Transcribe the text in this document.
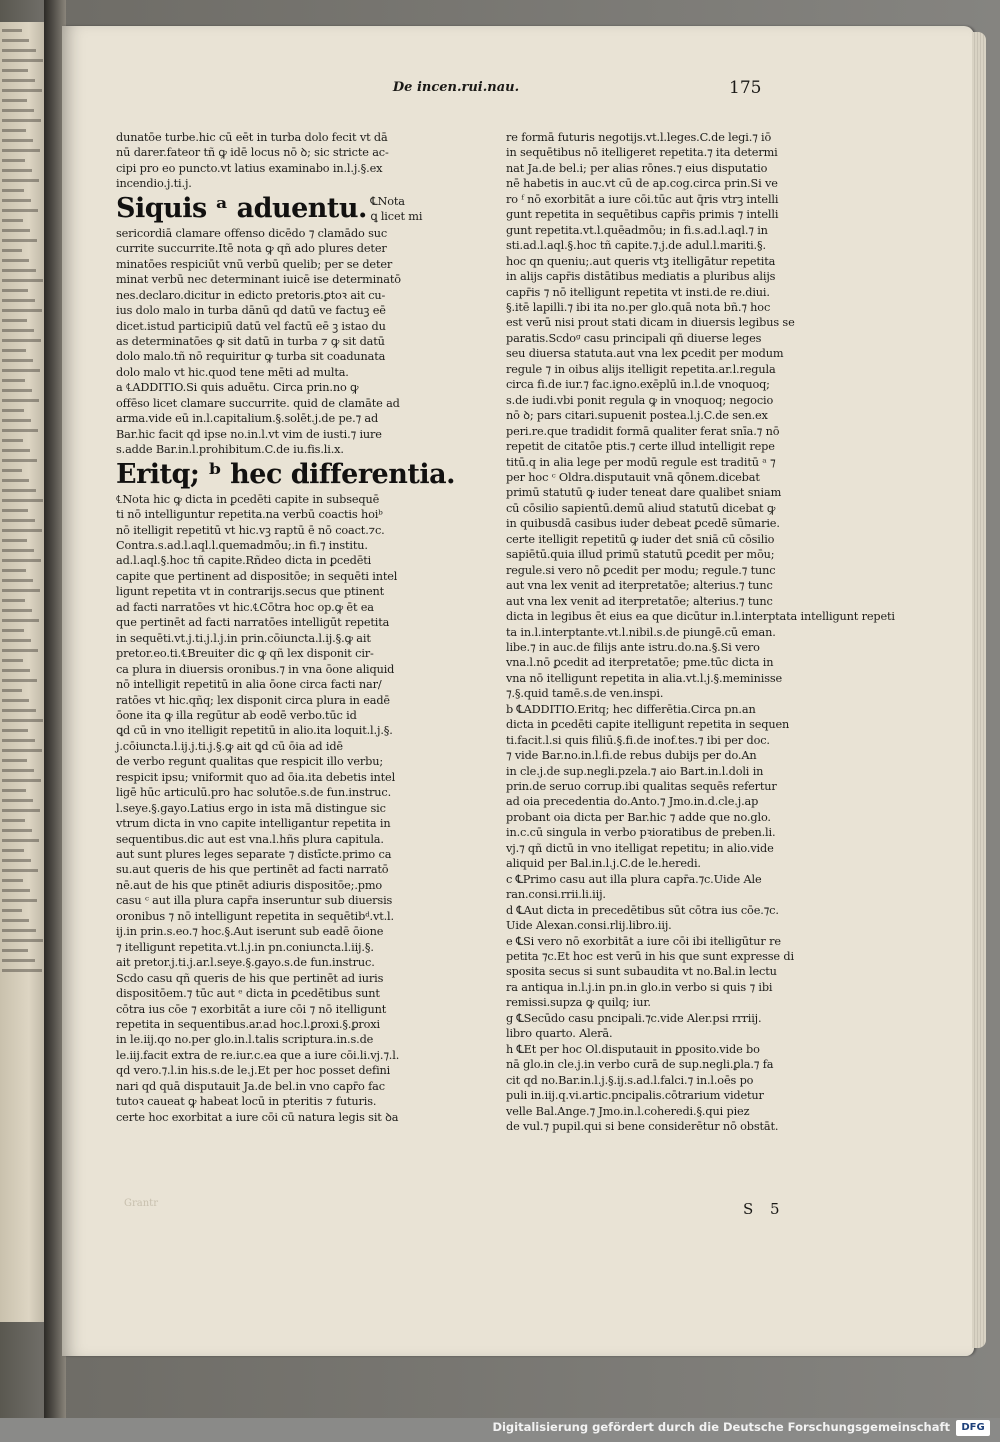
De incen.rui.nau.	175

dunatōe turbe.hic cū eēt in turba dolo fecit vt dā

nū darer.fateor tñ ꝙ idē locus nō ꝺ; sic stricte ac-

cipi pro eo puncto.vt latius examinabo in.l.j.§.ex

incendio.j.ti.j.

Siquis ᵃ aduentu. ℄Nota
ꝗ licet mi

sericordiā clamare offenso dicēdo ⁊ clamādo suc

currite succurrite.Itē nota ꝙ qñ ado plures deter

minatōes respiciūt vnū verbū quelib; per se deter

minat verbū nec determinant iuicē ise determinatō

nes.declaro.dicitur in edicto pretoris.ꝑtoꝛ ait cu-

ius dolo malo in turba dānū qd datū ve factuꝫ eē

dicet.istud participiū datū vel factū eē ꝫ istao du

as determinatōes ꝙ sit datū in turba ⁊ ꝙ sit datū

dolo malo.tñ nō requiritur ꝙ turba sit coadunata

dolo malo vt hic.quod tene mēti ad multa.

a ℄ADDITIO.Si quis aduētu. Circa prin.no ꝙ

offēso licet clamare succurrite. quid de clamāte ad

arma.vide eū in.l.capitalium.§.solēt.j.de pe.⁊ ad

Bar.hic facit qd ipse no.in.l.vt vim de iusti.⁊ iure

s.adde Bar.in.l.prohibitum.C.de iu.fis.li.x.

Eritq; ᵇ hec differentia.

℄Nota hic ꝙ dicta in ꝑcedēti capite in subsequē

ti nō intelliguntur repetita.na verbū coactis hoiᵇ

nō itelligit repetitū vt hic.vꝫ raptū ē nō coact.⁊c.

Contra.s.ad.l.aql.l.quemadmōu;.in fi.⁊ institu.

ad.l.aql.§.hoc tñ capite.Rñdeo dicta in ꝑcedēti

capite que pertinent ad dispositōe; in sequēti intel

ligunt repetita vt in contrarijs.secus que ptinent

ad facti narratōes vt hic.℄Cōtra hoc op.ꝙ ēt ea

que pertinēt ad facti narratōes intelligūt repetita

in sequēti.vt.j.ti.j.l.j.in prin.cōiuncta.l.ij.§.ꝙ ait

pretor.eo.ti.℄Breuiter dic ꝙ qñ lex disponit cir-

ca plura in diuersis oronibus.⁊ in vna ōone aliquid

nō intelligit repetitū in alia ōone circa facti nar/

ratōes vt hic.qñq; lex disponit circa plura in eadē

ōone ita ꝙ illa regūtur ab eodē verbo.tūc id

ꝗd cū in vno itelligit repetitū in alio.ita loquit.l.j.§.

j.cōiuncta.l.ij.j.ti.j.§.ꝙ ait ꝗd cū ōia ad idē

de verbo regunt qualitas que respicit illo verbu;

respicit ipsu; vniformit quo ad ōia.ita debetis intel

ligē hūc articulū.pro hac solutōe.s.de fun.instruc.

l.seye.§.gayo.Latius ergo in ista mā distingue sic

vtrum dicta in vno capite intelligantur repetita in

sequentibus.dic aut est vna.l.hñs plura capitula.

aut sunt plures leges separate ⁊ distīcte.primo ca

su.aut queris de his que pertinēt ad facti narratō

nē.aut de his que ptinēt adiuris dispositōe;.pmo

casu ᶜ aut illa plura capr̄a inseruntur sub diuersis

oronibus ⁊ nō intelligunt repetita in sequētibᵈ.vt.l.

ij.in prin.s.eo.⁊ hoc.§.Aut iserunt sub eadē ōione

⁊ itelligunt repetita.vt.l.j.in pn.coniuncta.l.iij.§.

ait pretor.j.ti.j.ar.l.seye.§.gayo.s.de fun.instruc.

Scdo casu qñ queris de his que pertinēt ad iuris

dispositōem.⁊ tūc aut ᵉ dicta in ꝑcedētibus sunt

cōtra ius cōe ⁊ exorbitāt a iure cōi ⁊ nō itelligunt

repetita in sequentibus.ar.ad hoc.l.ꝑroxi.§.ꝑroxi

in le.iij.qo no.per glo.in.l.talis scriptura.in.s.de

le.iij.facit extra de re.iur.c.ea que a iure cōi.li.vj.⁊.l.

qd vero.⁊.l.in his.s.de le.j.Et per hoc posset defini

nari qd quā disputauit Ja.de bel.in vno capr̄o fac

tutoꝛ caueat ꝙ habeat locū in pteritis ⁊ futuris.

certe hoc exorbitat a iure cōi cū natura legis sit ꝺa

re formā futuris negotijs.vt.l.leges.C.de legi.⁊ iō

in sequētibus nō itelligeret repetita.⁊ ita determi

nat Ja.de bel.i; per alias rōnes.⁊ eius disputatio

nē habetis in auc.vt cū de ap.cog.circa prin.Si ve

ro ᶠ nō exorbitāt a iure cōi.tūc aut q̄ris vtrꝫ intelli

gunt repetita in sequētibus capr̄is primis ⁊ intelli

gunt repetita.vt.l.quēadmōu; in fi.s.ad.l.aql.⁊ in

sti.ad.l.aql.§.hoc tñ capite.⁊.j.de adul.l.mariti.§.

hoc qn queniu;.aut queris vtꝫ itelligātur repetita

in alijs capr̄is distātibus mediatis a pluribus alijs

capr̄is ⁊ nō itelligunt repetita vt insti.de re.diui.

§.itē lapilli.⁊ ibi ita no.per glo.quā nota bñ.⁊ hoc

est verū nisi prout stati dicam in diuersis legibus se

paratis.Scdoᵍ casu principali qñ diuerse leges

seu diuersa statuta.aut vna lex ꝑcedit per modum

regule ⁊ in oibus alijs itelligit repetita.ar.l.regula

circa fi.de iur.⁊ fac.igno.exēplū in.l.de vnoquoq;

s.de iudi.vbi ponit regula ꝙ in vnoquoq; negocio

nō ꝺ; pars citari.supuenit postea.l.j.C.de sen.ex

peri.re.que tradidit formā qualiter ferat snīa.⁊ nō

repetit de citatōe ptis.⁊ certe illud intelligit repe

titū.q in alia lege per modū regule est traditū ᵃ ⁊

per hoc ᶜ Oldra.disputauit vnā qōnem.dicebat

primū statutū ꝙ iuder teneat dare qualibet sniam

cū cōsilio sapientū.demū aliud statutū dicebat ꝙ

in quibusdā casibus iuder debeat ꝑcedē sūmarie.

certe itelligit repetitū ꝙ iuder det sniā cū cōsilio

sapiētū.quia illud primū statutū ꝑcedit per mōu;

regule.si vero nō ꝑcedit per modu; regule.⁊ tunc

aut vna lex venit ad iterpretatōe; alterius.⁊ tunc

aut vna lex venit ad iterpretatōe; alterius.⁊ tunc

dicta in legibus ēt eius ea que dicūtur in.l.interptata intelligunt repeti

ta in.l.interptante.vt.l.nibil.s.de piungē.cū eman.

libe.⁊ in auc.de filijs ante istru.do.na.§.Si vero

vna.l.nō ꝑcedit ad iterpretatōe; pme.tūc dicta in

vna nō itelligunt repetita in alia.vt.l.j.§.meminisse

⁊.§.quid tamē.s.de ven.inspi.

b ℄ADDITIO.Eritq; hec differētia.Circa pn.an

dicta in ꝑcedēti capite itelligunt repetita in sequen

ti.facit.l.si quis filiū.§.fi.de inof.tes.⁊ ibi per doc.

⁊ vide Bar.no.in.l.fi.de rebus dubijs per do.An

in cle.j.de sup.negli.pzela.⁊ aio Bart.in.l.doli in

prin.de seruo corrup.ibi qualitas sequēs refertur

ad oia precedentia do.Anto.⁊ Jmo.in.d.cle.j.ap

probant oia dicta per Bar.hic ⁊ adde que no.glo.

in.c.cū singula in verbo pꝛioratibus de preben.li.

vj.⁊ qñ dictū in vno itelligat repetitu; in alio.vide

aliquid per Bal.in.l.j.C.de le.heredi.

c ℄Primo casu aut illa plura capr̄a.⁊c.Uide Ale

ran.consi.rrii.li.iij.

d ℄Aut dicta in precedētibus sūt cōtra ius cōe.⁊c.

Uide Alexan.consi.rlij.libro.iij.

e ℄Si vero nō exorbitāt a iure cōi ibi itelligūtur re

petita ⁊c.Et hoc est verū in his que sunt expresse di

sposita secus si sunt subaudita vt no.Bal.in lectu

ra antiqua in.l.j.in pn.in glo.in verbo si quis ⁊ ibi

remissi.supza ꝙ quilq; iur.

g ℄Secūdo casu pncipali.⁊c.vide Aler.psi rrriij.

libro quarto. Alerā.

h ℄Et per hoc Ol.disputauit in ꝑposito.vide bo

nā glo.in cle.j.in verbo curā de sup.negli.ꝑla.⁊ fa

cit qd no.Bar.in.l.j.§.ij.s.ad.l.falci.⁊ in.l.oēs po

puli in.iij.q.vi.artic.pncipalis.cōtrarium videtur

velle Bal.Ange.⁊ Jmo.in.l.coheredi.§.qui piez

de vul.⁊ pupil.qui si bene considerētur nō obstāt.

Grantr	S 5
Digitalisierung gefördert durch die Deutsche Forschungsgemeinschaft	DFG
